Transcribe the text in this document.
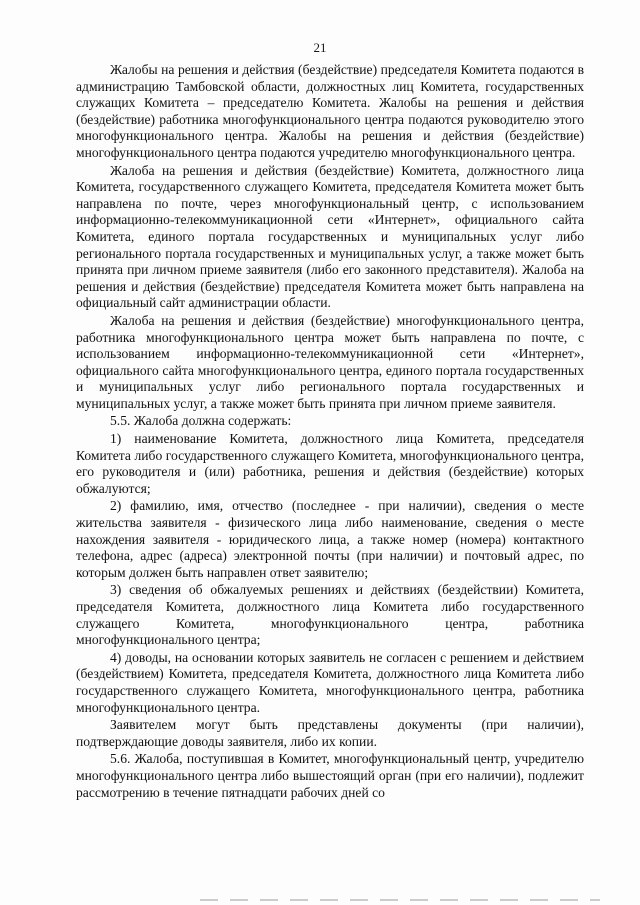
21

Жалобы на решения и действия (бездействие) председателя Комитета подаются в администрацию Тамбовской области, должностных лиц Комитета, государственных служащих Комитета – председателю Комитета. Жалобы на решения и действия (бездействие) работника многофункционального центра подаются руководителю этого многофункционального центра. Жалобы на решения и действия (бездействие) многофункционального центра подаются учредителю многофункционального центра.

Жалоба на решения и действия (бездействие) Комитета, должностного лица Комитета, государственного служащего Комитета, председателя Комитета может быть направлена по почте, через многофункциональный центр, с использованием информационно-телекоммуникационной сети «Интернет», официального сайта Комитета, единого портала государственных и муниципальных услуг либо регионального портала государственных и муниципальных услуг, а также может быть принята при личном приеме заявителя (либо его законного представителя). Жалоба на решения и действия (бездействие) председателя Комитета может быть направлена на официальный сайт администрации области.

Жалоба на решения и действия (бездействие) многофункционального центра, работника многофункционального центра может быть направлена по почте, с использованием информационно-телекоммуникационной сети «Интернет», официального сайта многофункционального центра, единого портала государственных и муниципальных услуг либо регионального портала государственных и муниципальных услуг, а также может быть принята при личном приеме заявителя.

5.5. Жалоба должна содержать:

1) наименование Комитета, должностного лица Комитета, председателя Комитета либо государственного служащего Комитета, многофункционального центра, его руководителя и (или) работника, решения и действия (бездействие) которых обжалуются;

2) фамилию, имя, отчество (последнее - при наличии), сведения о месте жительства заявителя - физического лица либо наименование, сведения о месте нахождения заявителя - юридического лица, а также номер (номера) контактного телефона, адрес (адреса) электронной почты (при наличии) и почтовый адрес, по которым должен быть направлен ответ заявителю;

3) сведения об обжалуемых решениях и действиях (бездействии) Комитета, председателя Комитета, должностного лица Комитета либо государственного служащего Комитета, многофункционального центра, работника многофункционального центра;

4) доводы, на основании которых заявитель не согласен с решением и действием (бездействием) Комитета, председателя Комитета, должностного лица Комитета либо государственного служащего Комитета, многофункционального центра, работника многофункционального центра.

Заявителем могут быть представлены документы (при наличии), подтверждающие доводы заявителя, либо их копии.

5.6. Жалоба, поступившая в Комитет, многофункциональный центр, учредителю многофункционального центра либо вышестоящий орган (при его наличии), подлежит рассмотрению в течение пятнадцати рабочих дней со
